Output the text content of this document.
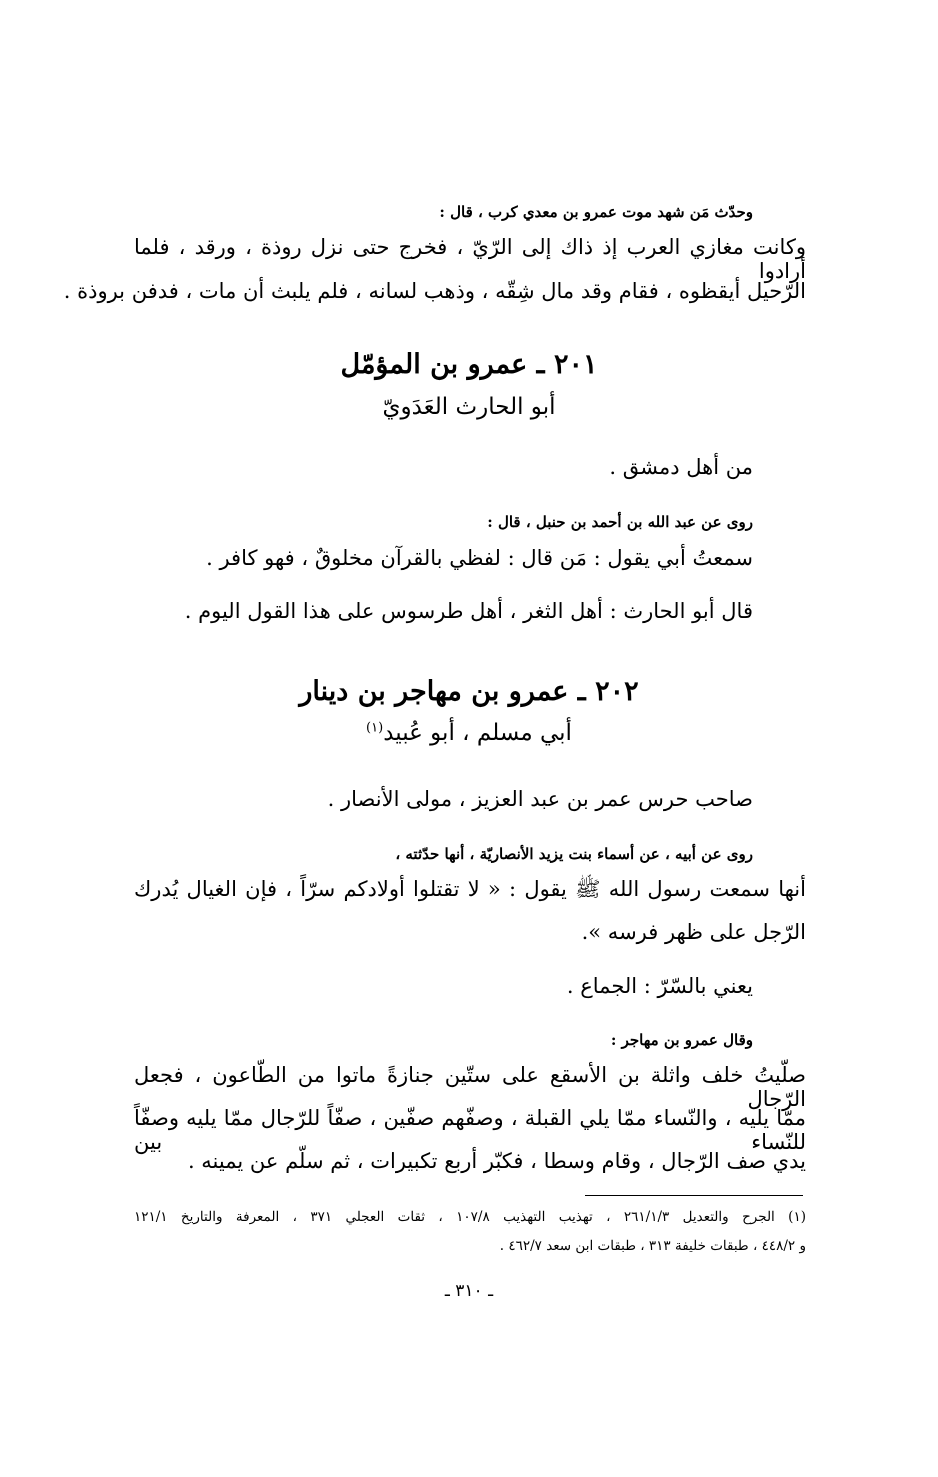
وحدّث مَن شهد موت عمرو بن معدي كرب ، قال :
وكانت مغازي العرب إذ ذاك إلى الرّيّ ، فخرج حتى نزل روذة ، ورقد ، فلما أرادوا
الرّحيل أيقظوه ، فقام وقد مال شِقّه ، وذهب لسانه ، فلم يلبث أن مات ، فدفن بروذة .
٢٠١ ـ عمرو بن المؤمّل
أبو الحارث العَدَويّ
من أهل دمشق .
روى عن عبد الله بن أحمد بن حنبل ، قال :
سمعتُ أبي يقول : مَن قال : لفظي بالقرآن مخلوقٌ ، فهو كافر .
قال أبو الحارث : أهل الثغر ، أهل طرسوس على هذا القول اليوم .
٢٠٢ ـ عمرو بن مهاجر بن دينار
أبي مسلم ، أبو عُبيد$^{(١)}$
صاحب حرس عمر بن عبد العزيز ، مولى الأنصار .
روى عن أبيه ، عن أسماء بنت يزيد الأنصاريّة ، أنها حدّثته ،
أنها سمعت رسول الله ﷺ يقول : « لا تقتلوا أولادكم سرّاً ، فإن الغيال يُدرك
الرّجل على ظهر فرسه ».
يعني بالسّرّ : الجماع .
وقال عمرو بن مهاجر :
صلّيتُ خلف واثلة بن الأسقع على ستّين جنازةً ماتوا من الطّاعون ، فجعل الرّجال
ممّا يليه ، والنّساء ممّا يلي القبلة ، وصفّهم صفّين ، صفّاً للرّجال ممّا يليه وصفّاً للنّساء بين
يدي صف الرّجال ، وقام وسطا ، فكبّر أربع تكبيرات ، ثم سلّم عن يمينه .
(١) الجرح والتعديل ٢٦١/١/٣ ، تهذيب التهذيب ١٠٧/٨ ، ثقات العجلي ٣٧١ ، المعرفة والتاريخ ١٢١/١
و ٤٤٨/٢ ، طبقات خليفة ٣١٣ ، طبقات ابن سعد ٤٦٢/٧ .
ـ ٣١٠ ـ
